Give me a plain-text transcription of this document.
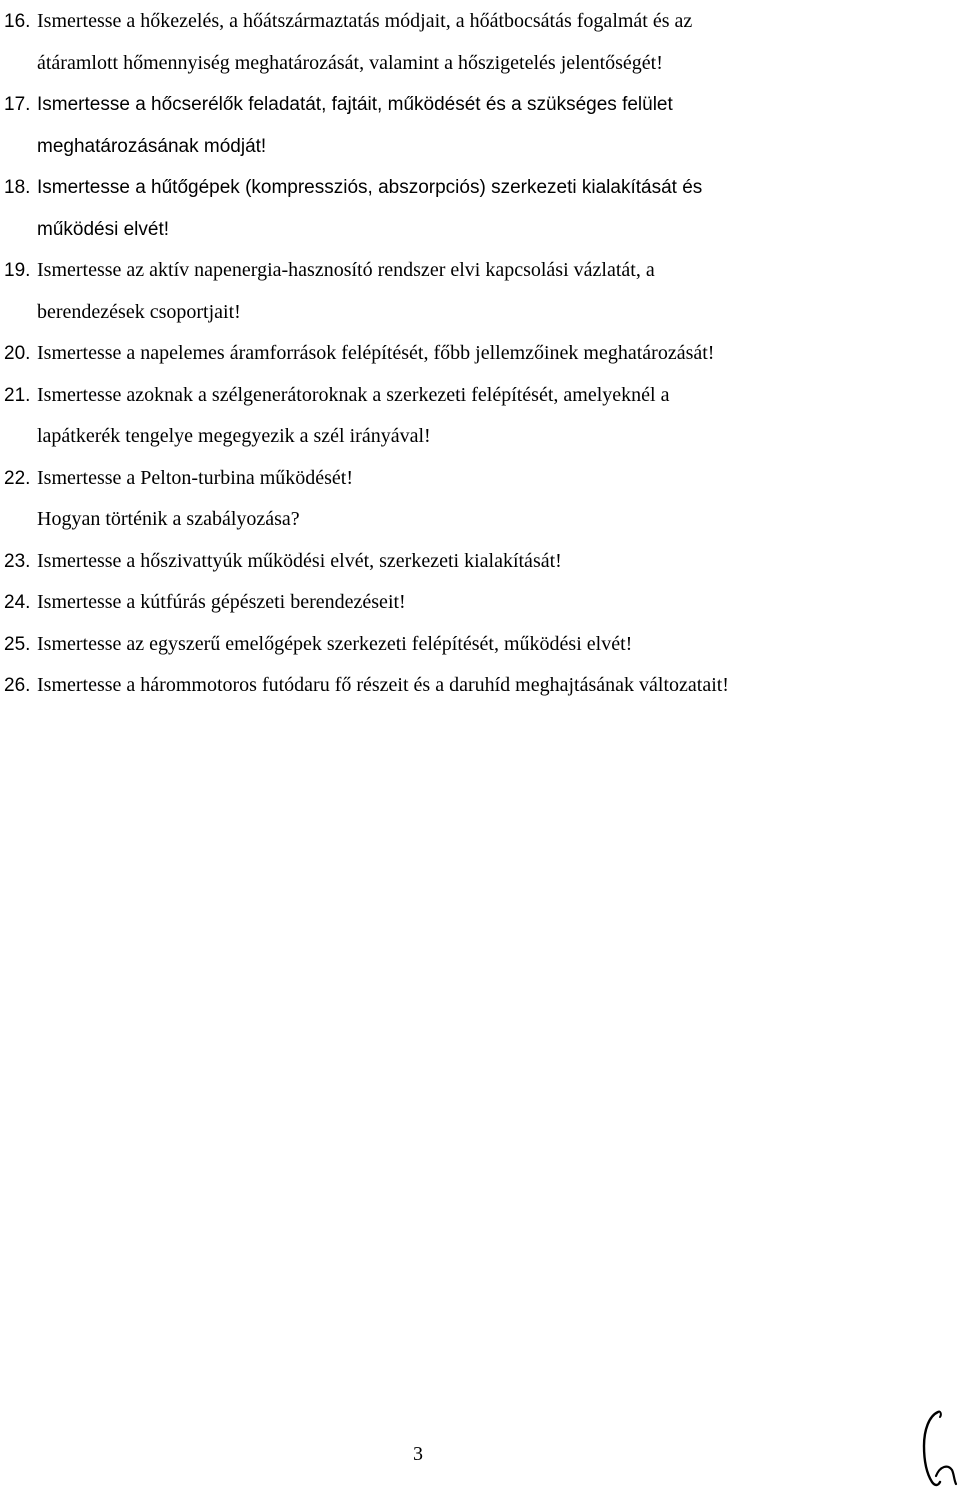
16. Ismertesse a hőkezelés, a hőátszármaztatás módjait, a hőátbocsátás fogalmát és az
átáramlott hőmennyiség meghatározását, valamint a hőszigetelés jelentőségét!
17. Ismertesse a hőcserélők feladatát, fajtáit, működését és a szükséges felület
meghatározásának módját!
18. Ismertesse a hűtőgépek (kompressziós, abszorpciós) szerkezeti kialakítását és
működési elvét!
19. Ismertesse az aktív napenergia-hasznosító rendszer elvi kapcsolási vázlatát, a
berendezések csoportjait!
20. Ismertesse a napelemes áramforrások felépítését, főbb jellemzőinek meghatározását!
21. Ismertesse azoknak a szélgenerátoroknak a szerkezeti felépítését, amelyeknél a
lapátkerék tengelye megegyezik a szél irányával!
22. Ismertesse a Pelton-turbina működését!
Hogyan történik a szabályozása?
23. Ismertesse a hőszivattyúk működési elvét, szerkezeti kialakítását!
24. Ismertesse a kútfúrás gépészeti berendezéseit!
25. Ismertesse az egyszerű emelőgépek szerkezeti felépítését, működési elvét!
26. Ismertesse a hárommotoros futódaru fő részeit és a daruhíd meghajtásának változatait!
3
